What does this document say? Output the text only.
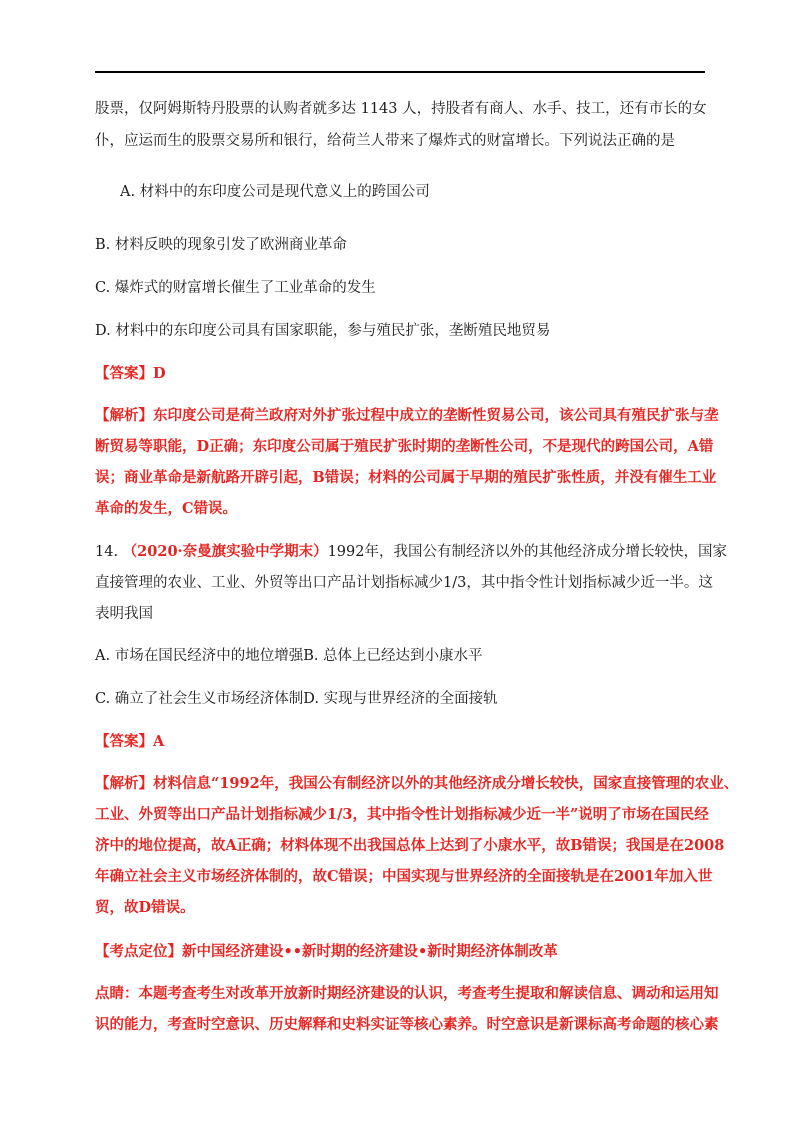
股票，仅阿姆斯特丹股票的认购者就多达 1143 人，持股者有商人、水手、技工，还有市长的女
仆，应运而生的股票交易所和银行，给荷兰人带来了爆炸式的财富增长。下列说法正确的是
A. 材料中的东印度公司是现代意义上的跨国公司
B. 材料反映的现象引发了欧洲商业革命
C. 爆炸式的财富增长催生了工业革命的发生
D. 材料中的东印度公司具有国家职能，参与殖民扩张，垄断殖民地贸易
【答案】D
【解析】东印度公司是荷兰政府对外扩张过程中成立的垄断性贸易公司，该公司具有殖民扩张与垄
断贸易等职能，D正确；东印度公司属于殖民扩张时期的垄断性公司，不是现代的跨国公司，A错
误；商业革命是新航路开辟引起，B错误；材料的公司属于早期的殖民扩张性质，并没有催生工业
革命的发生，C错误。
14. （2020·奈曼旗实验中学期末）1992年，我国公有制经济以外的其他经济成分增长较快，国家
直接管理的农业、工业、外贸等出口产品计划指标减少1/3，其中指令性计划指标减少近一半。这
表明我国
A. 市场在国民经济中的地位增强B. 总体上已经达到小康水平
C. 确立了社会生义市场经济体制D. 实现与世界经济的全面接轨
【答案】A
【解析】材料信息“1992年，我国公有制经济以外的其他经济成分增长较快，国家直接管理的农业、
工业、外贸等出口产品计划指标减少1/3，其中指令性计划指标减少近一半”说明了市场在国民经
济中的地位提高，故A正确；材料体现不出我国总体上达到了小康水平，故B错误；我国是在2008
年确立社会主义市场经济体制的，故C错误；中国实现与世界经济的全面接轨是在2001年加入世
贸，故D错误。
【考点定位】新中国经济建设••新时期的经济建设•新时期经济体制改革
点睛：本题考查考生对改革开放新时期经济建设的认识，考查考生提取和解读信息、调动和运用知
识的能力，考查时空意识、历史解释和史料实证等核心素养。时空意识是新课标高考命题的核心素
